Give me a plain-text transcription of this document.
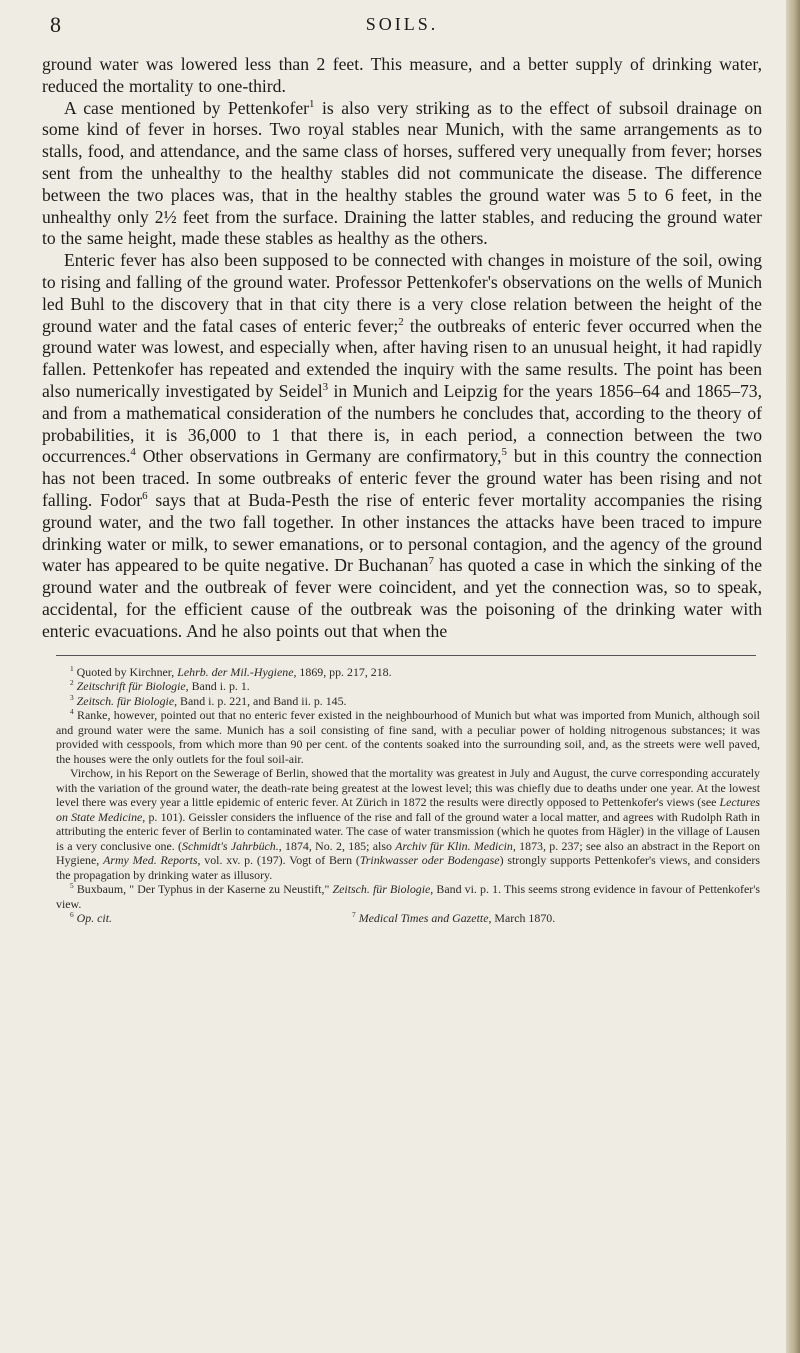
8	SOILS.

ground water was lowered less than 2 feet. This measure, and a better supply of drinking water, reduced the mortality to one-third.

A case mentioned by Pettenkofer$^1$ is also very striking as to the effect of subsoil drainage on some kind of fever in horses. Two royal stables near Munich, with the same arrangements as to stalls, food, and attendance, and the same class of horses, suffered very unequally from fever; horses sent from the unhealthy to the healthy stables did not communicate the disease. The difference between the two places was, that in the healthy stables the ground water was 5 to 6 feet, in the unhealthy only 2½ feet from the surface. Draining the latter stables, and reducing the ground water to the same height, made these stables as healthy as the others.

Enteric fever has also been supposed to be connected with changes in moisture of the soil, owing to rising and falling of the ground water. Professor Pettenkofer's observations on the wells of Munich led Buhl to the discovery that in that city there is a very close relation between the height of the ground water and the fatal cases of enteric fever;$^2$ the outbreaks of enteric fever occurred when the ground water was lowest, and especially when, after having risen to an unusual height, it had rapidly fallen. Pettenkofer has repeated and extended the inquiry with the same results. The point has been also numerically investigated by Seidel$^3$ in Munich and Leipzig for the years 1856–64 and 1865–73, and from a mathematical consideration of the numbers he concludes that, according to the theory of probabilities, it is 36,000 to 1 that there is, in each period, a connection between the two occurrences.$^4$ Other observations in Germany are confirmatory,$^5$ but in this country the connection has not been traced. In some outbreaks of enteric fever the ground water has been rising and not falling. Fodor$^6$ says that at Buda-Pesth the rise of enteric fever mortality accompanies the rising ground water, and the two fall together. In other instances the attacks have been traced to impure drinking water or milk, to sewer emanations, or to personal contagion, and the agency of the ground water has appeared to be quite negative. Dr Buchanan$^7$ has quoted a case in which the sinking of the ground water and the outbreak of fever were coincident, and yet the connection was, so to speak, accidental, for the efficient cause of the outbreak was the poisoning of the drinking water with enteric evacuations. And he also points out that when the

$^1$ Quoted by Kirchner, Lehrb. der Mil.-Hygiene, 1869, pp. 217, 218.

$^2$ Zeitschrift für Biologie, Band i. p. 1.

$^3$ Zeitsch. für Biologie, Band i. p. 221, and Band ii. p. 145.

$^4$ Ranke, however, pointed out that no enteric fever existed in the neighbourhood of Munich but what was imported from Munich, although soil and ground water were the same. Munich has a soil consisting of fine sand, with a peculiar power of holding nitrogenous substances; it was provided with cesspools, from which more than 90 per cent. of the contents soaked into the surrounding soil, and, as the streets were well paved, the houses were the only outlets for the foul soil-air.

Virchow, in his Report on the Sewerage of Berlin, showed that the mortality was greatest in July and August, the curve corresponding accurately with the variation of the ground water, the death-rate being greatest at the lowest level; this was chiefly due to deaths under one year. At the lowest level there was every year a little epidemic of enteric fever. At Zürich in 1872 the results were directly opposed to Pettenkofer's views (see Lectures on State Medicine, p. 101). Geissler considers the influence of the rise and fall of the ground water a local matter, and agrees with Rudolph Rath in attributing the enteric fever of Berlin to contaminated water. The case of water transmission (which he quotes from Hägler) in the village of Lausen is a very conclusive one. (Schmidt's Jahrbüch., 1874, No. 2, 185; also Archiv für Klin. Medicin, 1873, p. 237; see also an abstract in the Report on Hygiene, Army Med. Reports, vol. xv. p. (197). Vogt of Bern (Trinkwasser oder Bodengase) strongly supports Pettenkofer's views, and considers the propagation by drinking water as illusory.

$^5$ Buxbaum, " Der Typhus in der Kaserne zu Neustift," Zeitsch. für Biologie, Band vi. p. 1. This seems strong evidence in favour of Pettenkofer's view.

$^6$ Op. cit.	$^7$ Medical Times and Gazette, March 1870.
